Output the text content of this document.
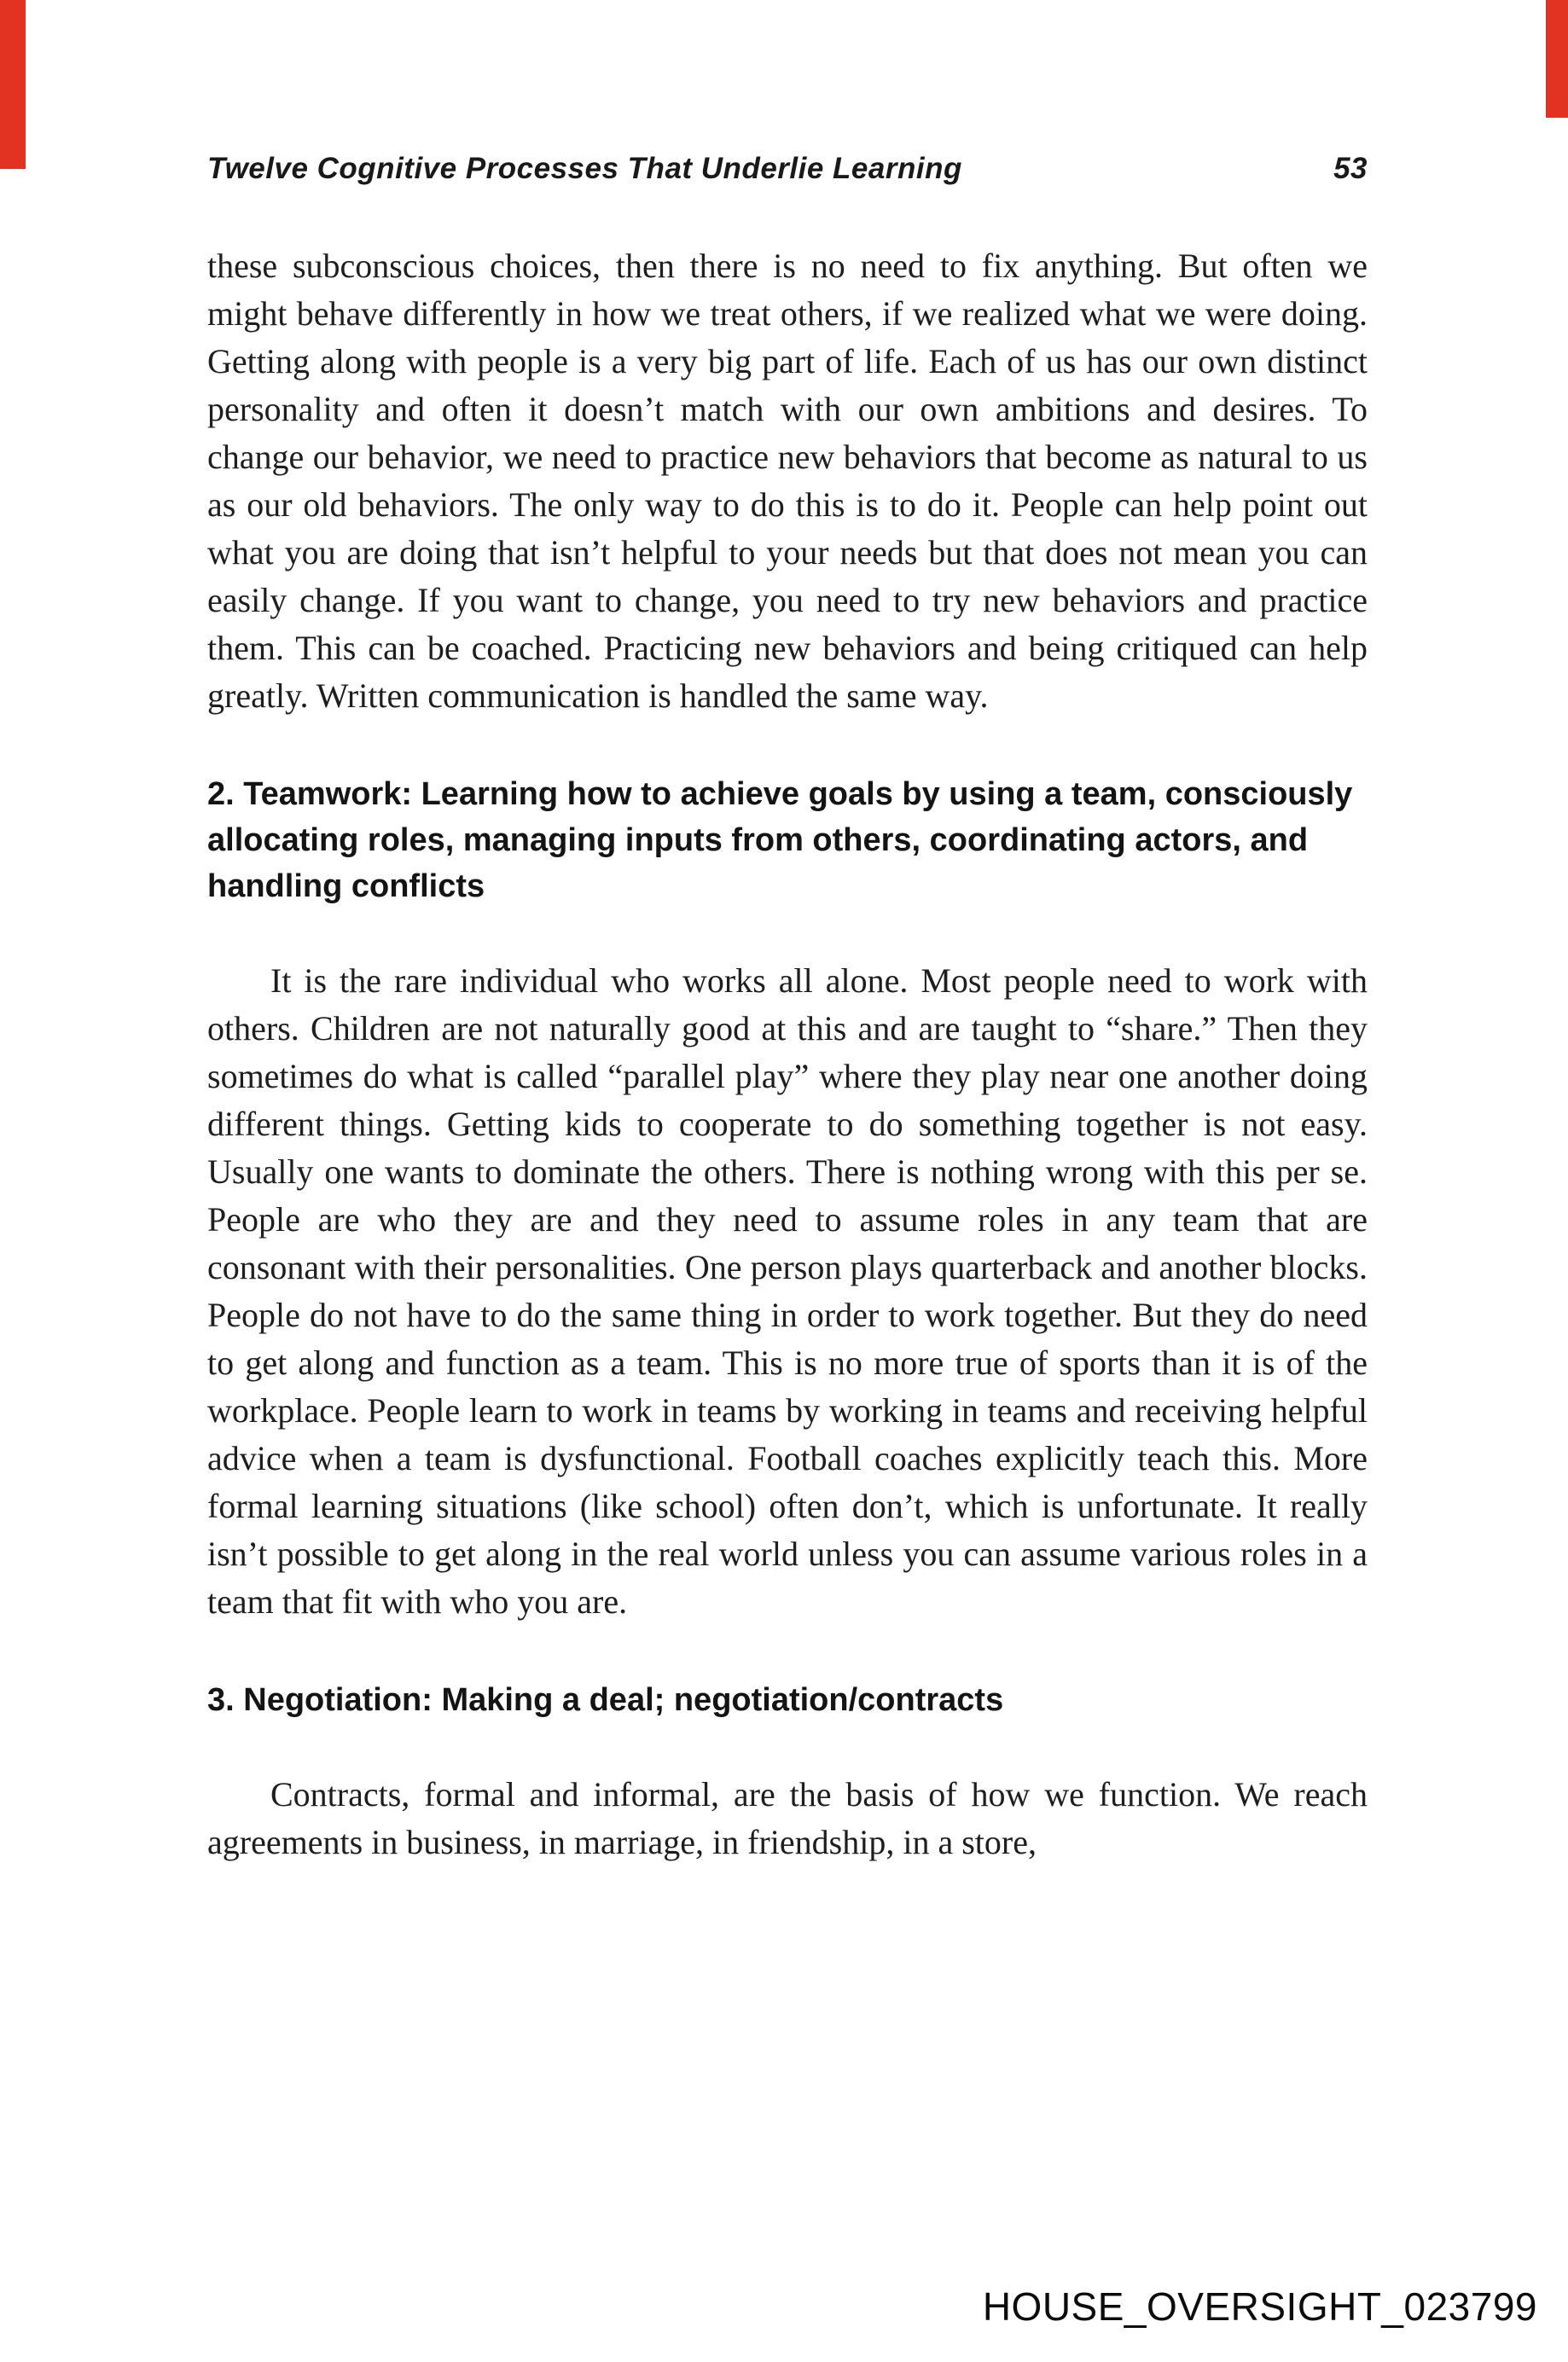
Twelve Cognitive Processes That Underlie Learning	53

these subconscious choices, then there is no need to fix anything. But often we might behave differently in how we treat others, if we realized what we were doing. Getting along with people is a very big part of life. Each of us has our own distinct personality and often it doesn’t match with our own ambitions and desires. To change our behavior, we need to practice new behaviors that become as natural to us as our old behaviors. The only way to do this is to do it. People can help point out what you are doing that isn’t helpful to your needs but that does not mean you can easily change. If you want to change, you need to try new behaviors and practice them. This can be coached. Practicing new behaviors and being critiqued can help greatly. Written communication is handled the same way.

2. Teamwork: Learning how to achieve goals by using a team, consciously allocating roles, managing inputs from others, coordinating actors, and handling conflicts

It is the rare individual who works all alone. Most people need to work with others. Children are not naturally good at this and are taught to “share.” Then they sometimes do what is called “parallel play” where they play near one another doing different things. Getting kids to cooperate to do something together is not easy. Usually one wants to dominate the others. There is nothing wrong with this per se. People are who they are and they need to assume roles in any team that are consonant with their personalities. One person plays quarterback and another blocks. People do not have to do the same thing in order to work together. But they do need to get along and function as a team. This is no more true of sports than it is of the workplace. People learn to work in teams by working in teams and receiving helpful advice when a team is dysfunctional. Football coaches explicitly teach this. More formal learning situations (like school) often don’t, which is unfortunate. It really isn’t possible to get along in the real world unless you can assume various roles in a team that fit with who you are.

3. Negotiation: Making a deal; negotiation/contracts

Contracts, formal and informal, are the basis of how we function. We reach agreements in business, in marriage, in friendship, in a store,

HOUSE_OVERSIGHT_023799
